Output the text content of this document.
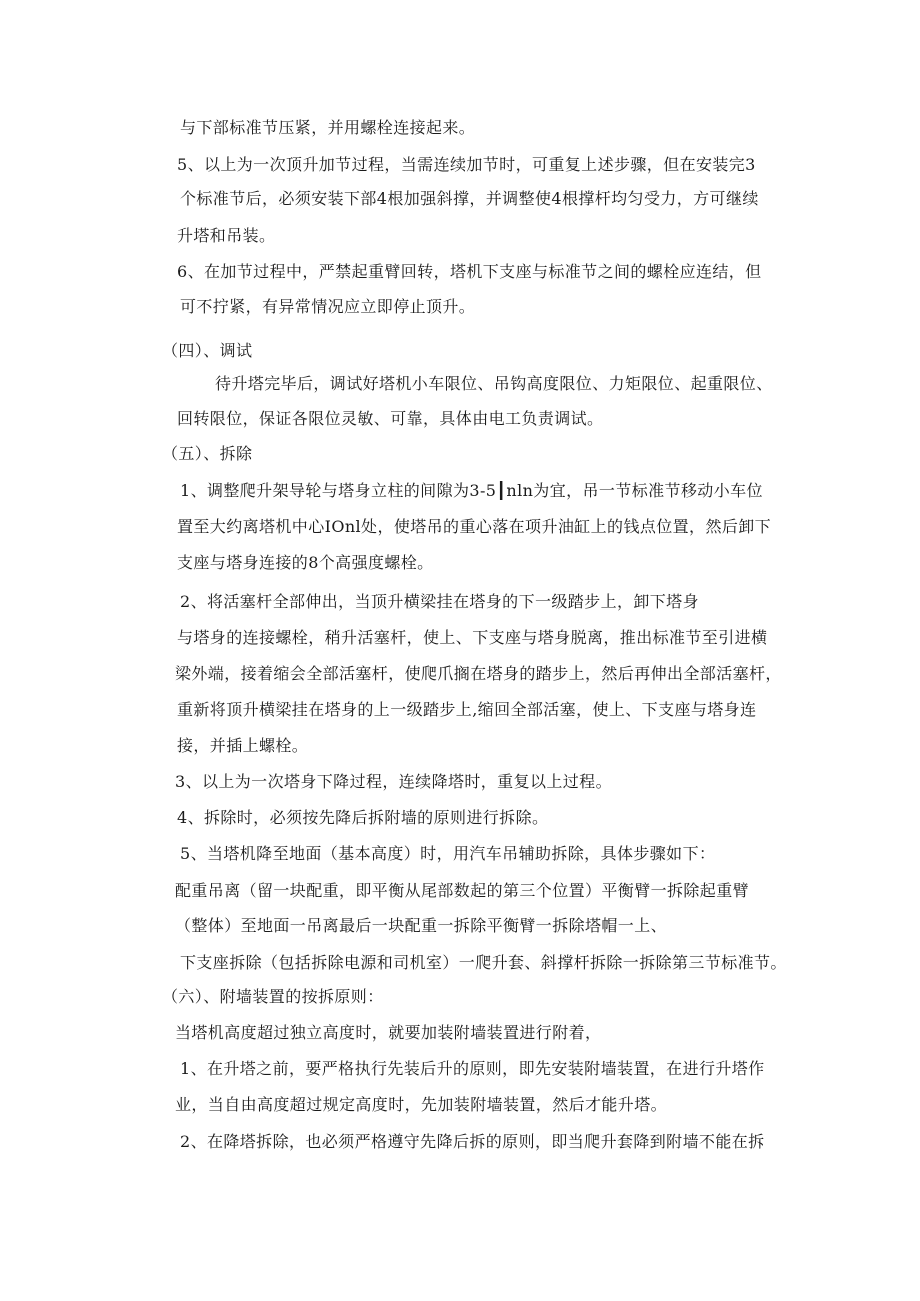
与下部标准节压紧，并用螺栓连接起来。
5、以上为一次顶升加节过程，当需连续加节时，可重复上述步骤，但在安装完3
个标准节后，必须安装下部4根加强斜撑，并调整使4根撑杆均匀受力，方可继续
升塔和吊装。
6、在加节过程中，严禁起重臂回转，塔机下支座与标准节之间的螺栓应连结，但
可不拧紧，有异常情况应立即停止顶升。
（四）、调试
待升塔完毕后，调试好塔机小车限位、吊钩高度限位、力矩限位、起重限位、
回转限位，保证各限位灵敏、可靠，具体由电工负责调试。
（五）、拆除
1、调整爬升架导轮与塔身立柱的间隙为3-5┃nln为宜，吊一节标准节移动小车位
置至大约离塔机中心IOnl处，使塔吊的重心落在项升油缸上的钱点位置，然后卸下
支座与塔身连接的8个高强度螺栓。
2、将活塞杆全部伸出，当顶升横梁挂在塔身的下一级踏步上，卸下塔身
与塔身的连接螺栓，稍升活塞杆，使上、下支座与塔身脱离，推出标准节至引进横
梁外端，接着缩会全部活塞杆，使爬爪搁在塔身的踏步上，然后再伸出全部活塞杆，
重新将顶升横梁挂在塔身的上一级踏步上,缩回全部活塞，使上、下支座与塔身连
接，并插上螺栓。
3、以上为一次塔身下降过程，连续降塔时，重复以上过程。
4、拆除时，必须按先降后拆附墙的原则进行拆除。
5、当塔机降至地面（基本高度）时，用汽车吊辅助拆除，具体步骤如下：
配重吊离（留一块配重，即平衡从尾部数起的第三个位置）平衡臂一拆除起重臂
（整体）至地面一吊离最后一块配重一拆除平衡臂一拆除塔帽一上、
下支座拆除（包括拆除电源和司机室）一爬升套、斜撑杆拆除一拆除第三节标准节。
（六）、附墙装置的按拆原则：
当塔机高度超过独立高度时，就要加装附墙装置进行附着，
1、在升塔之前，要严格执行先装后升的原则，即先安装附墙装置，在进行升塔作
业，当自由高度超过规定高度时，先加装附墙装置，然后才能升塔。
2、在降塔拆除，也必须严格遵守先降后拆的原则，即当爬升套降到附墙不能在拆
